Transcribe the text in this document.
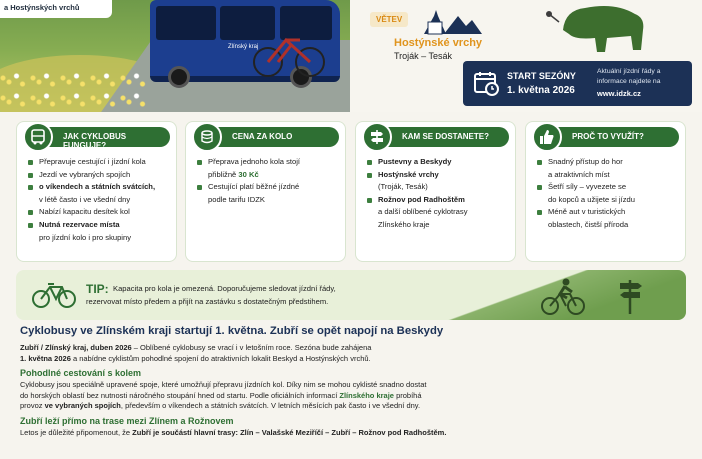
Zlínský kraj
a Hostýnských vrchů
VĚTEV
Hostýnské vrchy
Troják – Tesák
START SEZÓNY
1. května 2026
Aktuální jízdní řády a informace najdete na
www.idzk.cz
JAK CYKLOBUS FUNGUJE?
Přepravuje cestující i jízdní kola
Jezdí ve vybraných spojích
o víkendech a státních svátcích,
v létě často i ve všední dny
Nabízí kapacitu desítek kol
Nutná rezervace místa
pro jízdní kolo i pro skupiny
CENA ZA KOLO
Přeprava jednoho kola stojí
přibližně 30 Kč
Cestující platí běžné jízdné
podle tarifu IDZK
KAM SE DOSTANETE?
Pustevny a Beskydy
Hostýnské vrchy
(Troják, Tesák)
Rožnov pod Radhoštěm
a další oblíbené cyklotrasy
Zlínského kraje
PROČ TO VYUŽÍT?
Snadný přístup do hor
a atraktivních míst
Šetří síly – vyvezete se
do kopců a užijete si jízdu
Méně aut v turistických
oblastech, čistší příroda
TIP: Kapacita pro kola je omezená. Doporučujeme sledovat jízdní řády,
rezervovat místo předem a přijít na zastávku s dostatečným předstihem.
Cyklobusy ve Zlínském kraji startují 1. května. Zubří se opět napojí na Beskydy

Zubří / Zlínský kraj, duben 2026 – Oblíbené cyklobusy se vrací i v letošním roce. Sezóna bude zahájena
1. května 2026 a nabídne cyklistům pohodlné spojení do atraktivních lokalit Beskyd a Hostýnských vrchů.

Pohodlné cestování s kolem

Cyklobusy jsou speciálně upravené spoje, které umožňují přepravu jízdních kol. Díky nim se mohou cyklisté snadno dostat
do horských oblastí bez nutnosti náročného stoupání hned od startu. Podle oficiálních informací Zlínského kraje probíhá
provoz ve vybraných spojích, především o víkendech a státních svátcích. V letních měsících pak často i ve všední dny.

Zubří leží přímo na trase mezi Zlínem a Rožnovem

Letos je důležité připomenout, že Zubří je součástí hlavní trasy: Zlín – Valašské Meziříčí – Zubří – Rožnov pod Radhoštěm.
